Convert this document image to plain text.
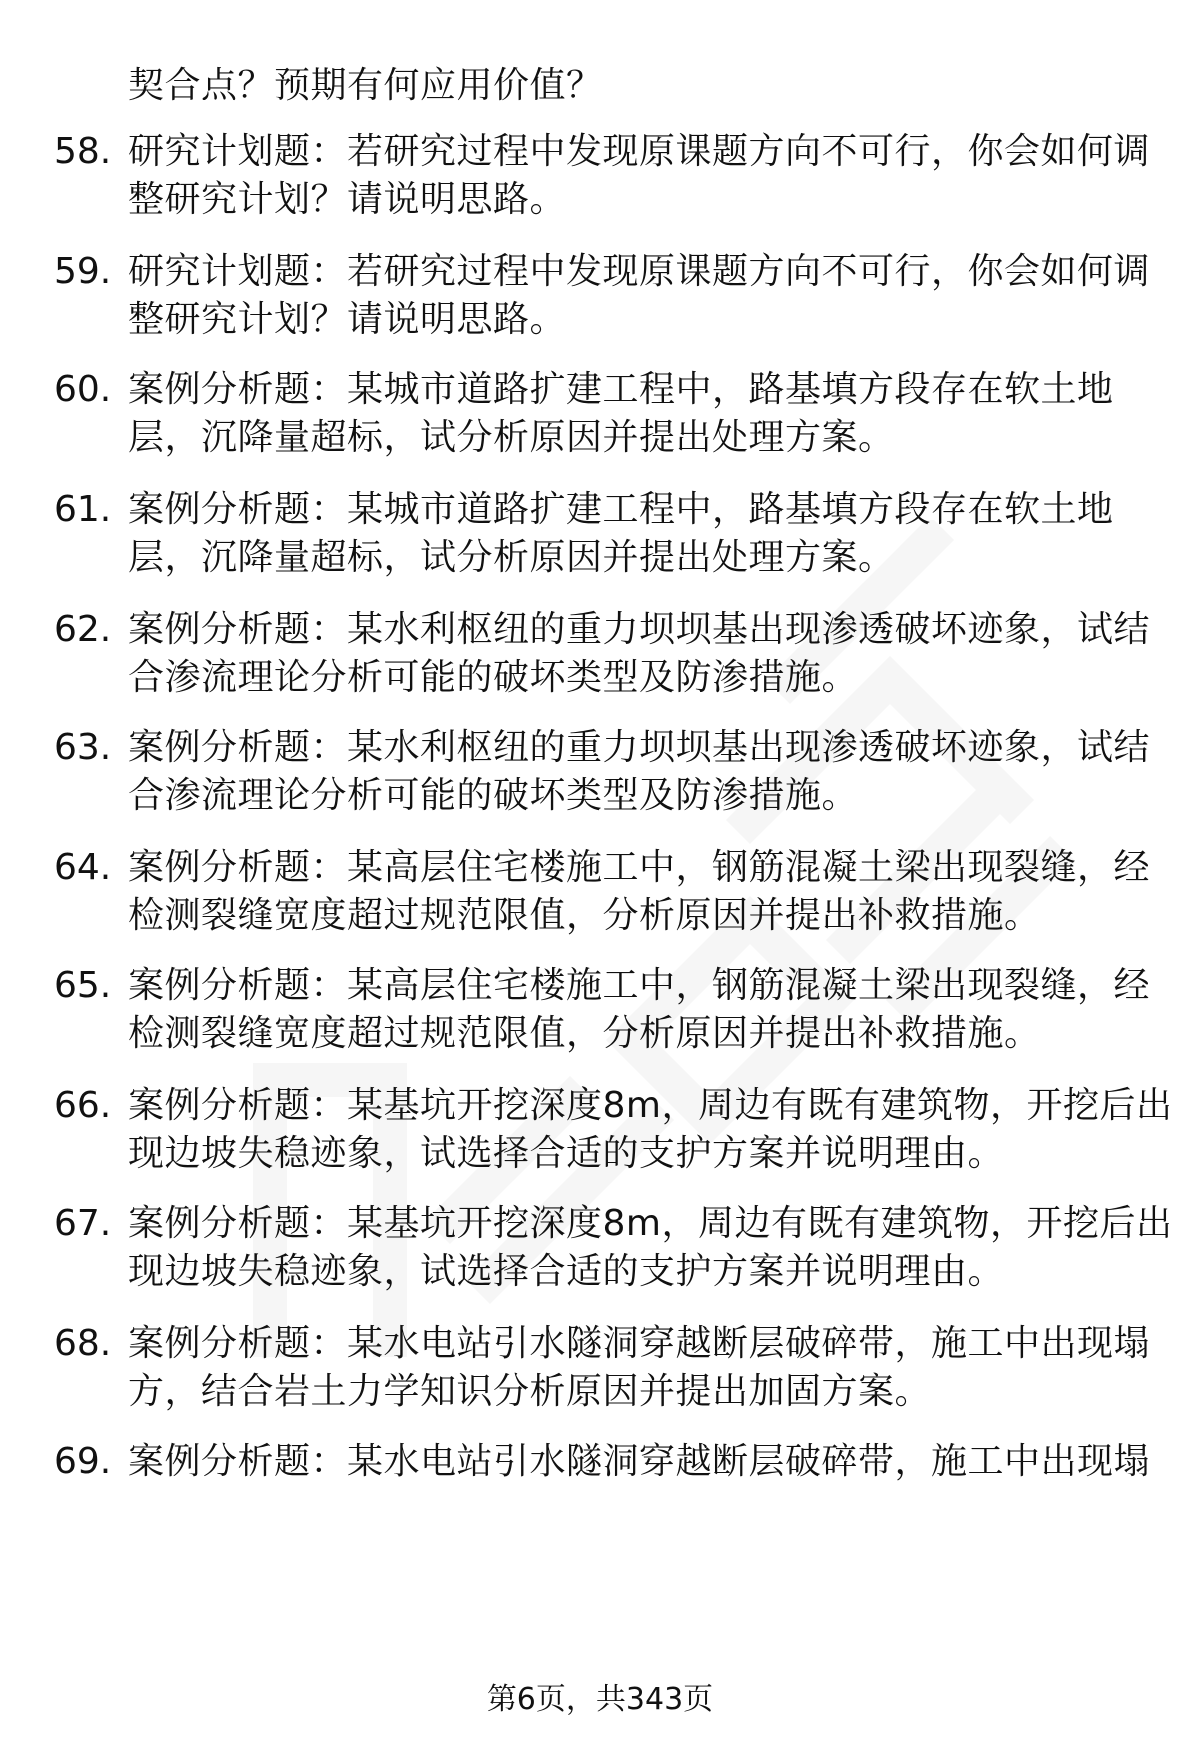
契合点？预期有何应用价值？
58. 研究计划题：若研究过程中发现原课题方向不可行，你会如何调
整研究计划？请说明思路。
59. 研究计划题：若研究过程中发现原课题方向不可行，你会如何调
整研究计划？请说明思路。
60. 案例分析题：某城市道路扩建工程中，路基填方段存在软土地
层，沉降量超标，试分析原因并提出处理方案。
61. 案例分析题：某城市道路扩建工程中，路基填方段存在软土地
层，沉降量超标，试分析原因并提出处理方案。
62. 案例分析题：某水利枢纽的重力坝坝基出现渗透破坏迹象，试结
合渗流理论分析可能的破坏类型及防渗措施。
63. 案例分析题：某水利枢纽的重力坝坝基出现渗透破坏迹象，试结
合渗流理论分析可能的破坏类型及防渗措施。
64. 案例分析题：某高层住宅楼施工中，钢筋混凝土梁出现裂缝，经
检测裂缝宽度超过规范限值，分析原因并提出补救措施。
65. 案例分析题：某高层住宅楼施工中，钢筋混凝土梁出现裂缝，经
检测裂缝宽度超过规范限值，分析原因并提出补救措施。
66. 案例分析题：某基坑开挖深度8m，周边有既有建筑物，开挖后出
现边坡失稳迹象，试选择合适的支护方案并说明理由。
67. 案例分析题：某基坑开挖深度8m，周边有既有建筑物，开挖后出
现边坡失稳迹象，试选择合适的支护方案并说明理由。
68. 案例分析题：某水电站引水隧洞穿越断层破碎带，施工中出现塌
方，结合岩土力学知识分析原因并提出加固方案。
69. 案例分析题：某水电站引水隧洞穿越断层破碎带，施工中出现塌
第6页，共343页
